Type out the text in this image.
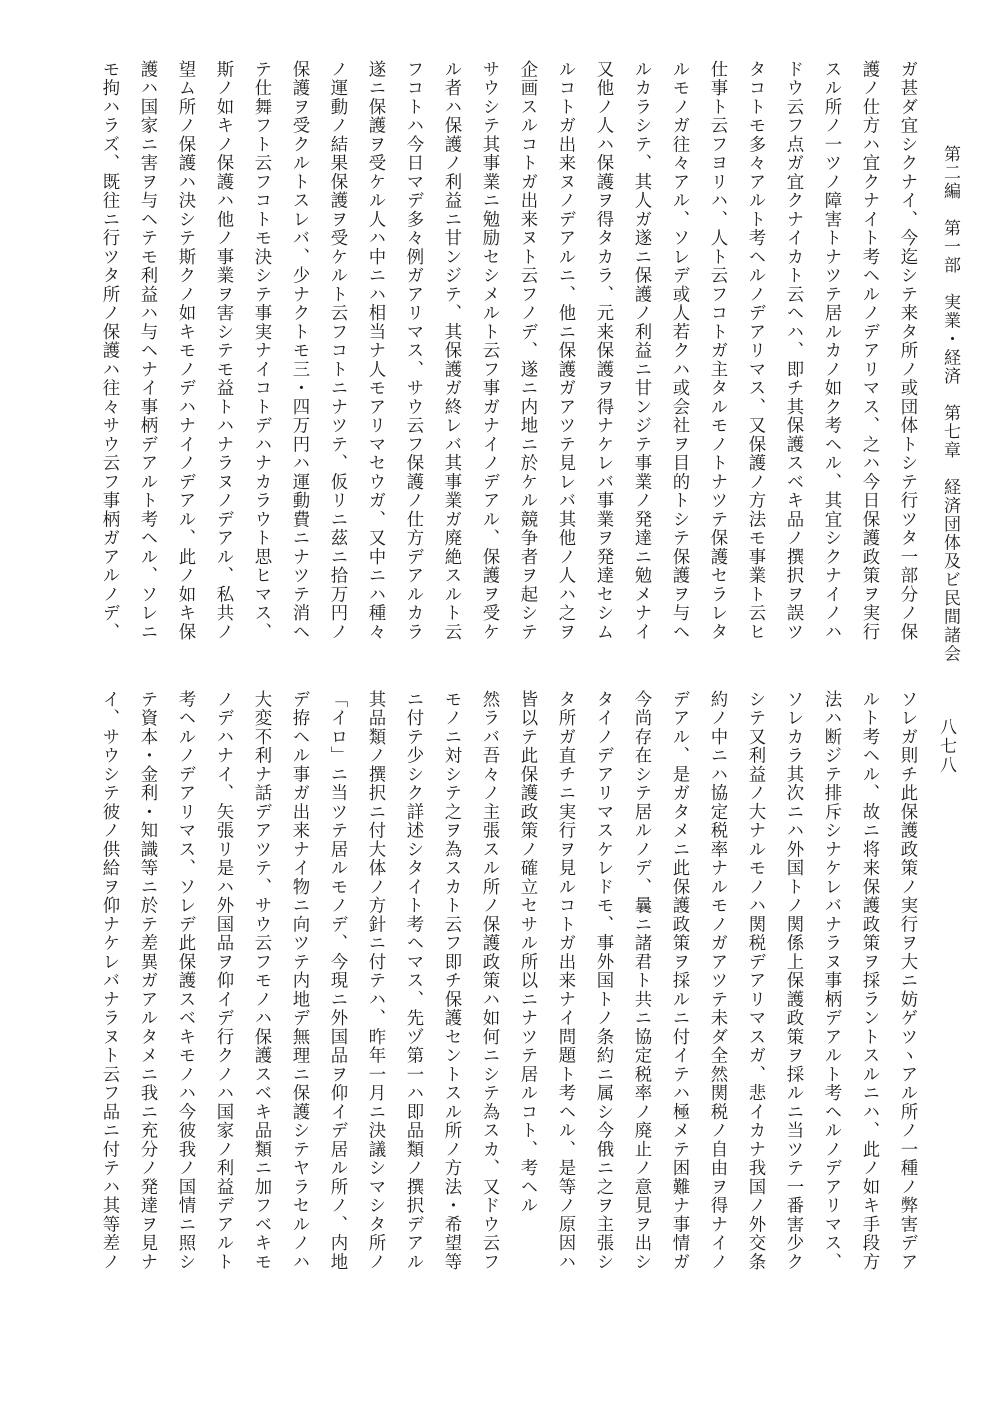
第二編　第一部　実業・経済　第七章　経済団体及ビ民間諸会
八七八
ガ甚ダ宜シクナイ、今迄シテ来タ所ノ或団体トシテ行ツタ一部分ノ保
護ノ仕方ハ宜クナイト考ヘルノデアリマス、之ハ今日保護政策ヲ実行
スル所ノ一ツノ障害トナツテ居ルカノ如ク考ヘル、其宜シクナイノハ
ドウ云フ点ガ宜クナイカト云ヘハ、即チ其保護スベキ品ノ撰択ヲ誤ツ
タコトモ多々アルト考ヘルノデアリマス、又保護ノ方法モ事業ト云ヒ
仕事ト云フヨリハ、人ト云フコトガ主タルモノトナツテ保護セラレタ
ルモノガ往々アル、ソレデ或人若クハ或会社ヲ目的トシテ保護ヲ与ヘ
ルカラシテ、其人ガ遂ニ保護ノ利益ニ甘ンジテ事業ノ発達ニ勉メナイ
又他ノ人ハ保護ヲ得タカラ、元来保護ヲ得ナケレバ事業ヲ発達セシム
ルコトガ出来ヌノデアルニ、他ニ保護ガアツテ見レバ其他ノ人ハ之ヲ
企画スルコトガ出来ヌト云フノデ、遂ニ内地ニ於ケル競争者ヲ起シテ
サウシテ其事業ニ勉励セシメルト云フ事ガナイノデアル、保護ヲ受ケ
ル者ハ保護ノ利益ニ甘ンジテ、其保護ガ終レバ其事業ガ廃絶スルト云
フコトハ今日マデ多々例ガアリマス、サウ云フ保護ノ仕方デアルカラ
遂ニ保護ヲ受ケル人ハ中ニハ相当ナ人モアリマセウガ、又中ニハ種々
ノ運動ノ結果保護ヲ受ケルト云フコトニナツテ、仮リニ茲ニ拾万円ノ
保護ヲ受クルトスレバ、少ナクトモ三・四万円ハ運動費ニナツテ消ヘ
テ仕舞フト云フコトモ決シテ事実ナイコトデハナカラウト思ヒマス、
斯ノ如キノ保護ハ他ノ事業ヲ害シテモ益トハナラヌノデアル、私共ノ
望ム所ノ保護ハ決シテ斯クノ如キモノデハナイノデアル、此ノ如キ保
護ハ国家ニ害ヲ与ヘテモ利益ハ与ヘナイ事柄デアルト考ヘル、ソレニ
モ拘ハラズ、既往ニ行ツタ所ノ保護ハ往々サウ云フ事柄ガアルノデ、
ソレガ則チ此保護政策ノ実行ヲ大ニ妨ゲツヽアル所ノ一種ノ弊害デア
ルト考ヘル、故ニ将来保護政策ヲ採ラントスルニハ、此ノ如キ手段方
法ハ断ジテ排斥シナケレバナラヌ事柄デアルト考ヘルノデアリマス、
ソレカラ其次ニハ外国トノ関係上保護政策ヲ採ルニ当ツテ一番害少ク
シテ又利益ノ大ナルモノハ関税デアリマスガ、悲イカナ我国ノ外交条
約ノ中ニハ協定税率ナルモノガアツテ未ダ全然関税ノ自由ヲ得ナイノ
デアル、是ガタメニ此保護政策ヲ採ルニ付イテハ極メテ困難ナ事情ガ
今尚存在シテ居ルノデ、曩ニ諸君ト共ニ協定税率ノ廃止ノ意見ヲ出シ
タイノデアリマスケレドモ、事外国トノ条約ニ属シ今俄ニ之ヲ主張シ
タ所ガ直チニ実行ヲ見ルコトガ出来ナイ問題ト考ヘル、是等ノ原因ハ
皆以テ此保護政策ノ確立セサル所以ニナツテ居ルコト、考ヘル
然ラバ吾々ノ主張スル所ノ保護政策ハ如何ニシテ為スカ、又ドウ云フ
モノニ対シテ之ヲ為スカト云フ即チ保護セントスル所ノ方法・希望等
ニ付テ少シク詳述シタイト考ヘマス、先ヅ第一ハ即品類ノ撰択デアル
其品類ノ撰択ニ付大体ノ方針ニ付テハ、昨年一月ニ決議シマシタ所ノ
「イロ」ニ当ツテ居ルモノデ、今現ニ外国品ヲ仰イデ居ル所ノ、内地
デ拵ヘル事ガ出来ナイ物ニ向ツテ内地デ無理ニ保護シテヤラセルノハ
大変不利ナ話デアツテ、サウ云フモノハ保護スベキ品類ニ加フベキモ
ノデハナイ、矢張リ是ハ外国品ヲ仰イデ行クノハ国家ノ利益デアルト
考ヘルノデアリマス、ソレデ此保護スベキモノハ今彼我ノ国情ニ照シ
テ資本・金利・知識等ニ於テ差異ガアルタメニ我ニ充分ノ発達ヲ見ナ
イ、サウシテ彼ノ供給ヲ仰ナケレバナラヌト云フ品ニ付テハ其等差ノ
